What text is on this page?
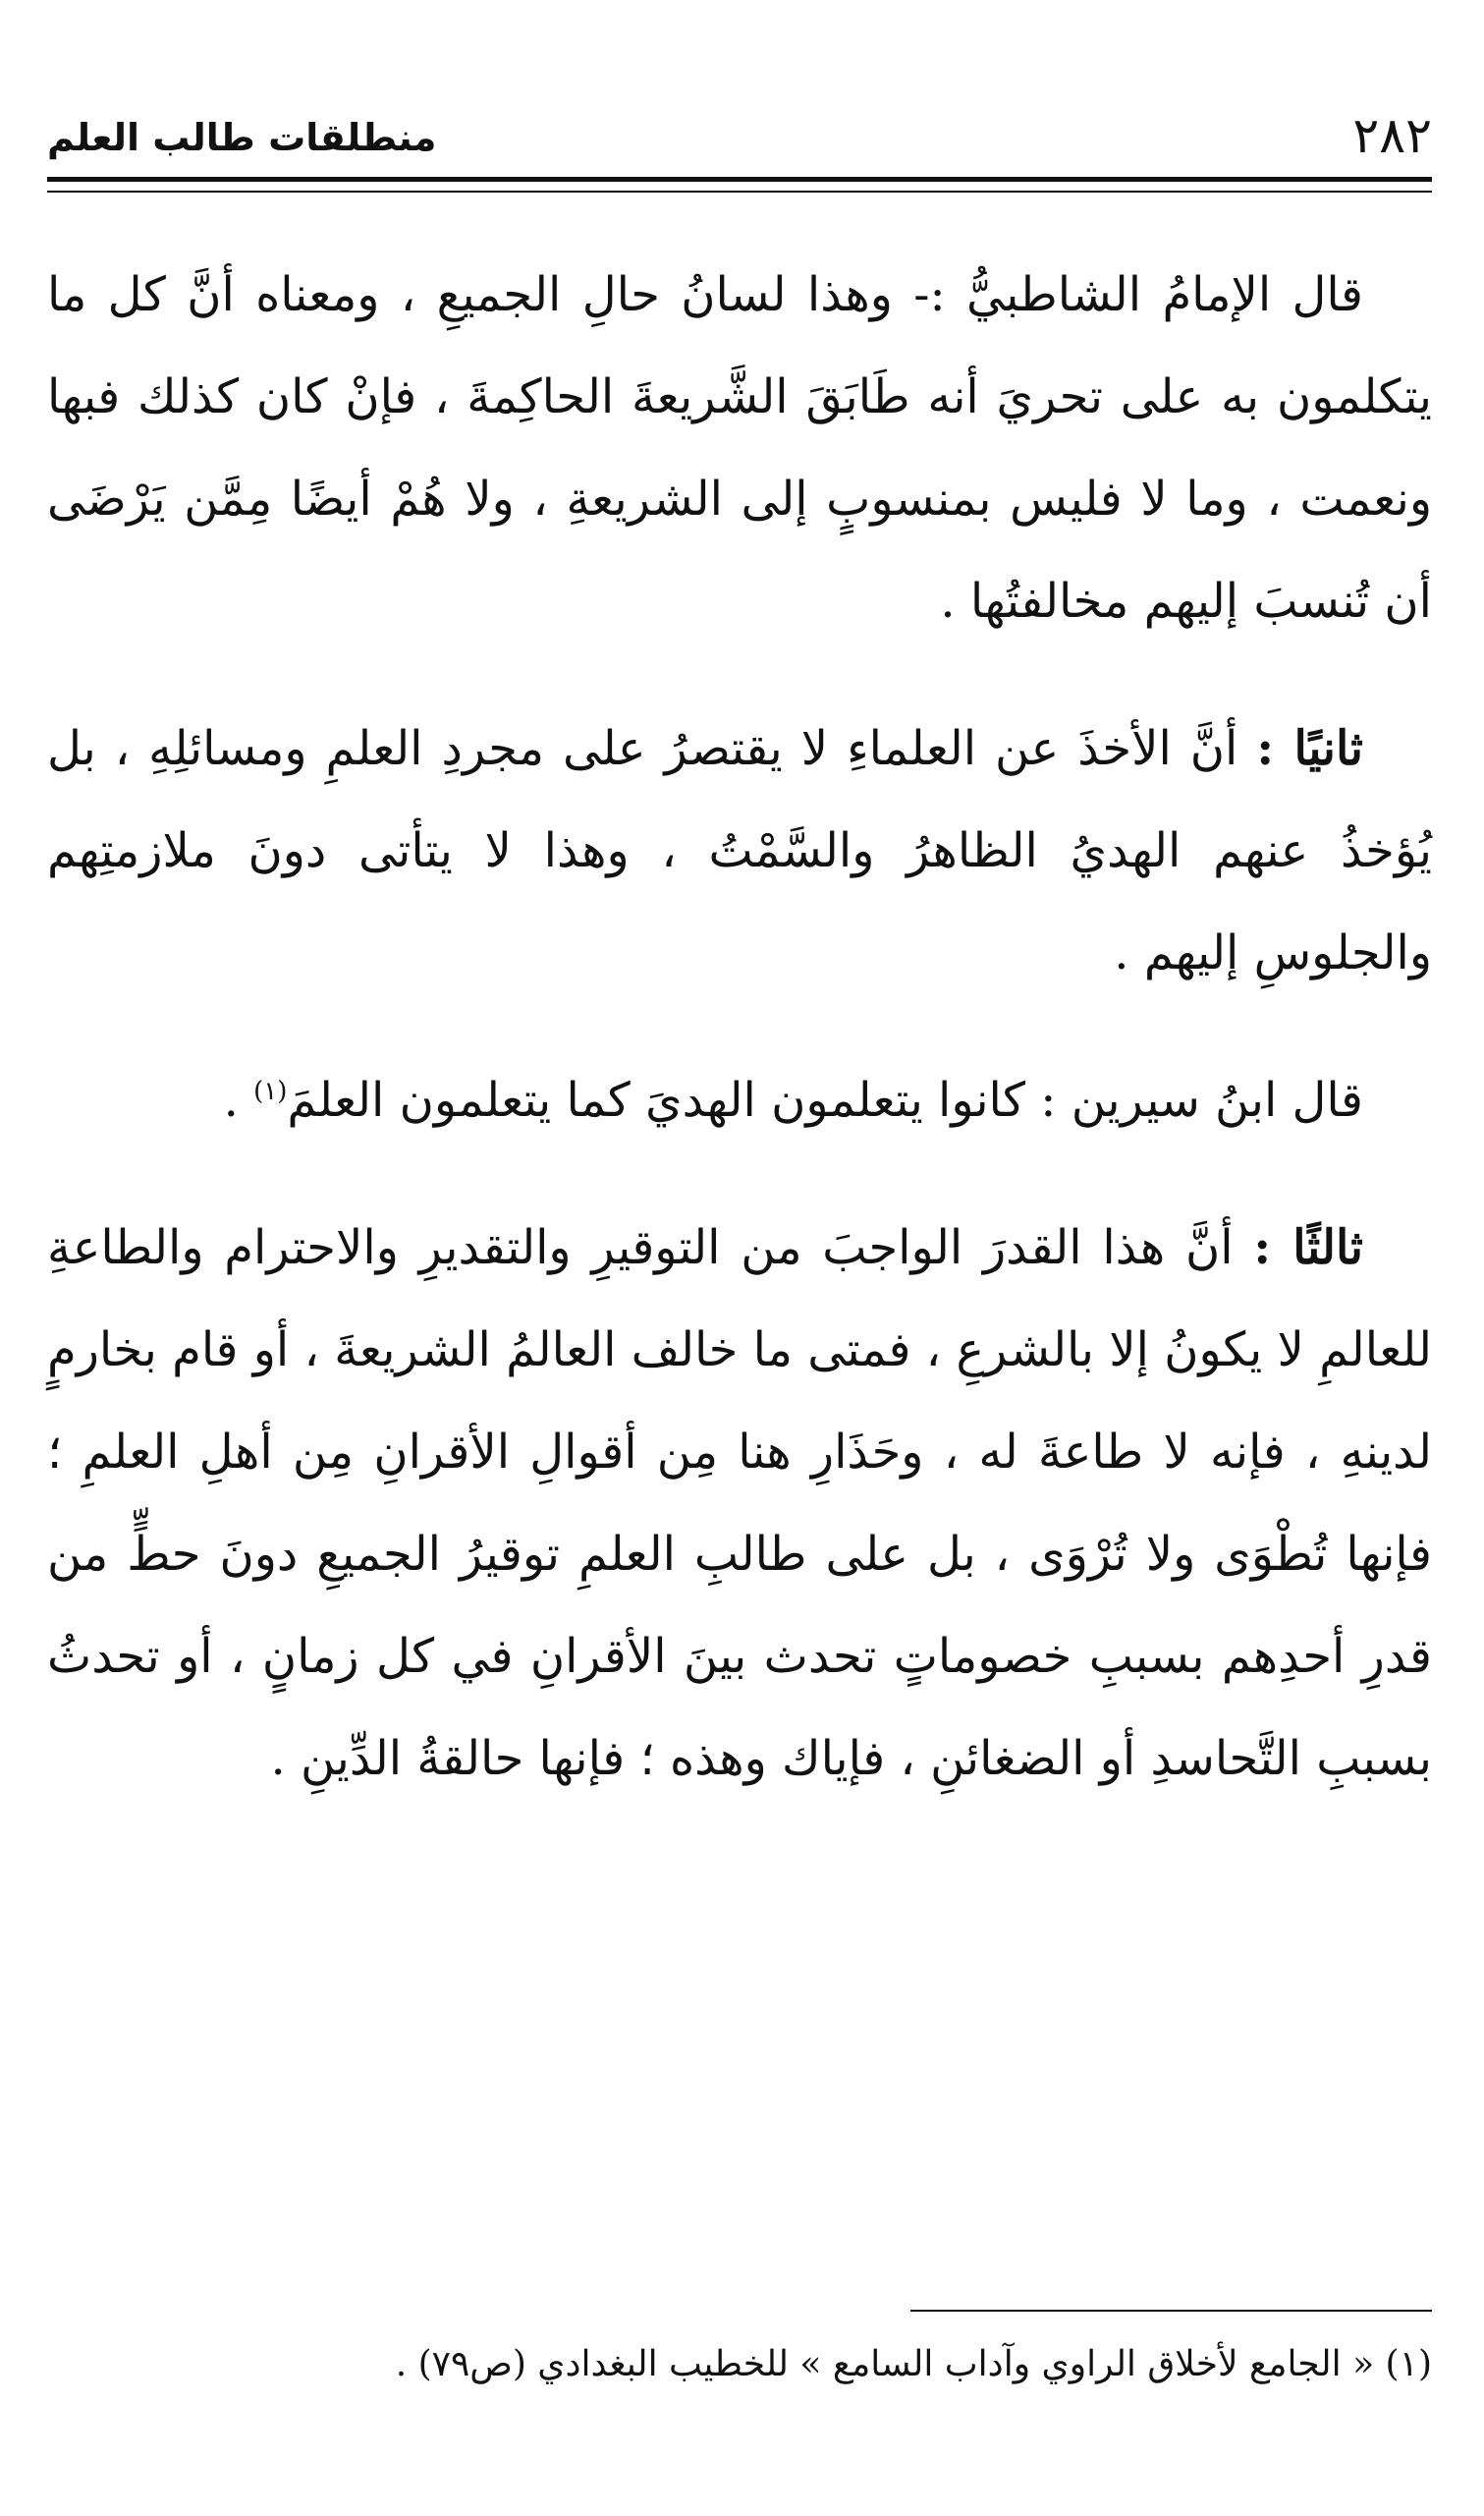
٢٨٢
منطلقات طالب العلم

قال الإمامُ الشاطبيُّ :- وهذا لسانُ حالِ الجميعِ ، ومعناه أنَّ كل ما يتكلمون به على تحريَ أنه طَابَقَ الشَّريعةَ الحاكِمةَ ، فإنْ كان كذلك فبها ونعمت ، وما لا فليس بمنسوبٍ إلى الشريعةِ ، ولا هُمْ أيضًا مِمَّن يَرْضَى أن تُنسبَ إليهم مخالفتُها .

ثانيًا : أنَّ الأخذَ عن العلماءِ لا يقتصرُ على مجردِ العلمِ ومسائلِهِ ، بل يُؤخذُ عنهم الهديُ الظاهرُ والسَّمْتُ ، وهذا لا يتأتى دونَ ملازمتِهم والجلوسِ إليهم .

قال ابنُ سيرين : كانوا يتعلمون الهديَ كما يتعلمون العلمَ$^{(١)}$ .

ثالثًا : أنَّ هذا القدرَ الواجبَ من التوقيرِ والتقديرِ والاحترام والطاعةِ للعالمِ لا يكونُ إلا بالشرعِ ، فمتى ما خالف العالمُ الشريعةَ ، أو قام بخارمٍ لدينهِ ، فإنه لا طاعةَ له ، وحَذَارِ هنا مِن أقوالِ الأقرانِ مِن أهلِ العلمِ ؛ فإنها تُطْوَى ولا تُرْوَى ، بل على طالبِ العلمِ توقيرُ الجميعِ دونَ حطٍّ من قدرِ أحدِهم بسببِ خصوماتٍ تحدث بينَ الأقرانِ في كل زمانٍ ، أو تحدثُ بسببِ التَّحاسدِ أو الضغائنِ ، فإياك وهذه ؛ فإنها حالقةُ الدِّينِ .

(١) « الجامع لأخلاق الراوي وآداب السامع » للخطيب البغدادي (ص٧٩) .
